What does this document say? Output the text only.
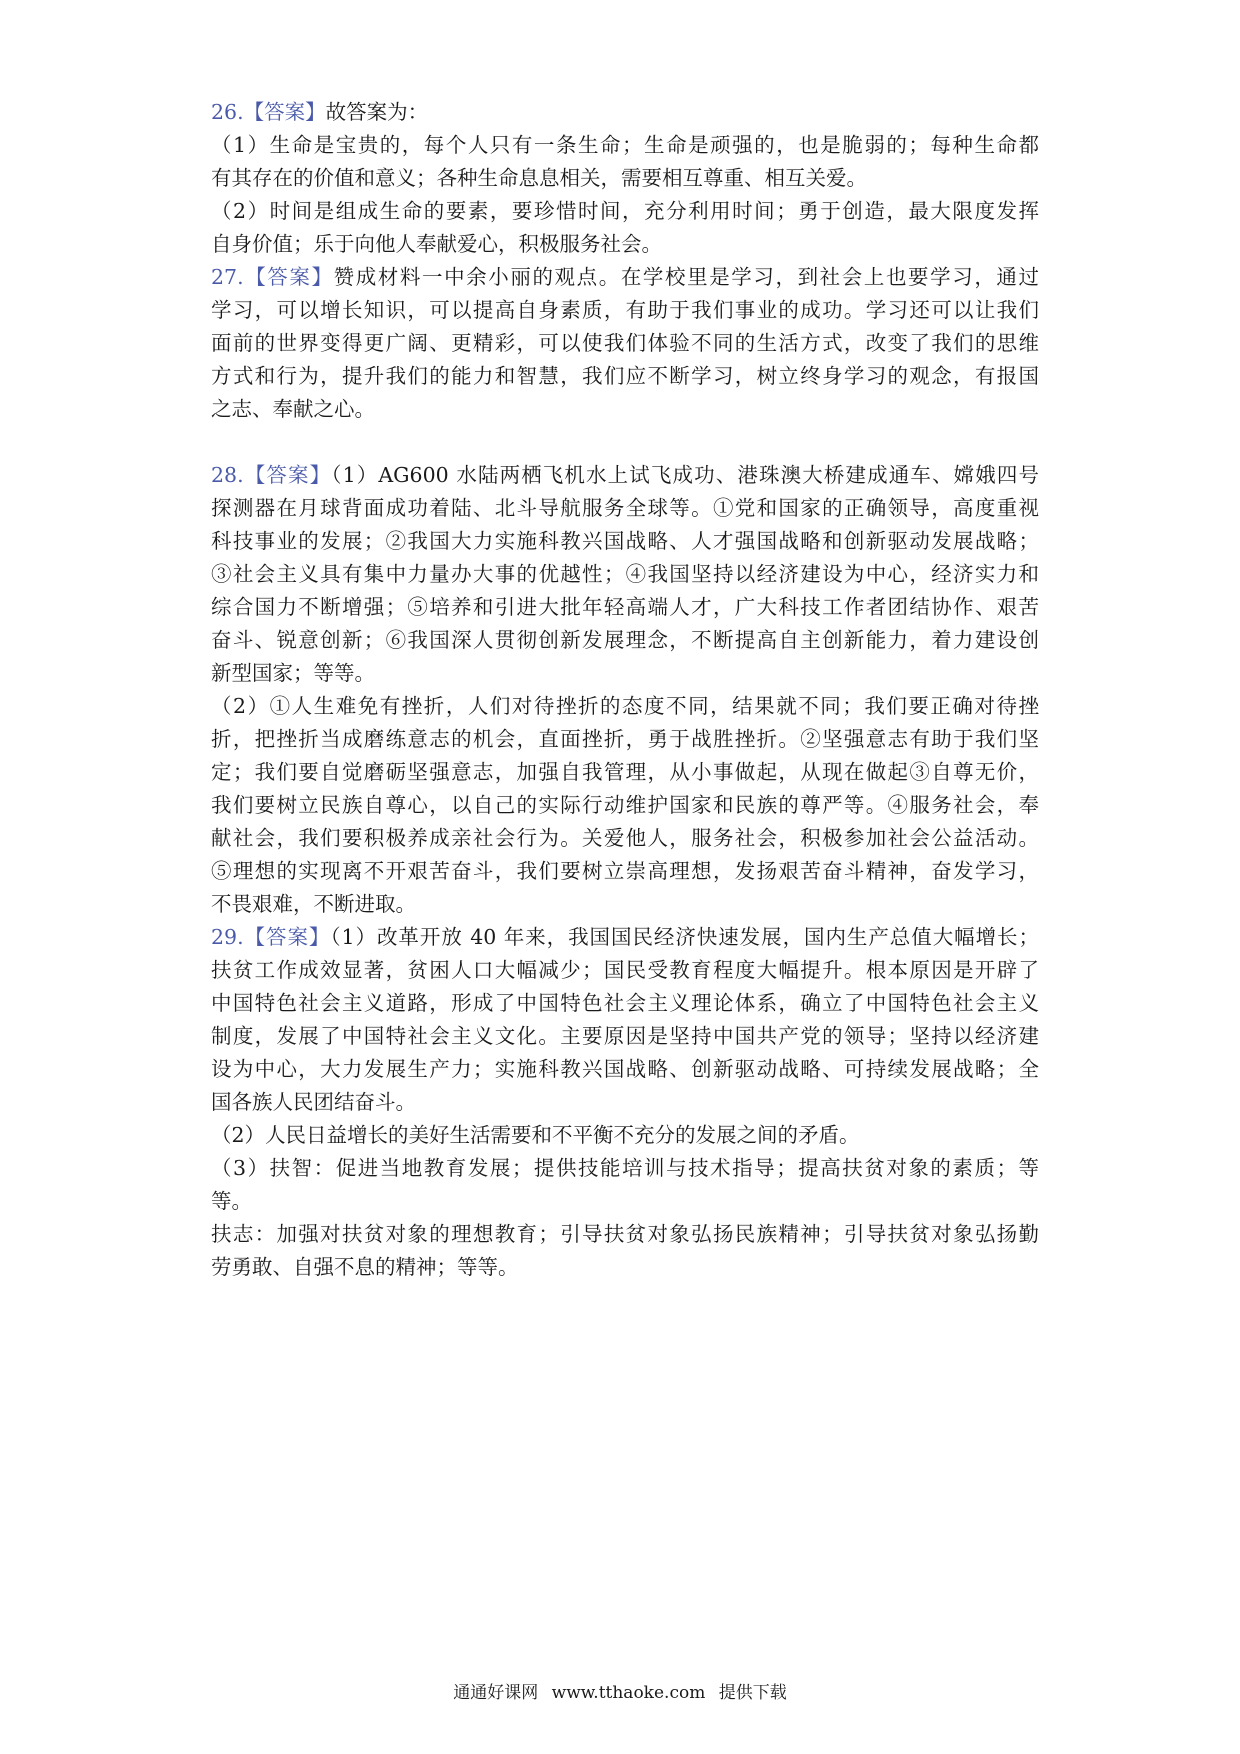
26.【答案】故答案为：
（1）生命是宝贵的，每个人只有一条生命；生命是顽强的，也是脆弱的；每种生命都
有其存在的价值和意义；各种生命息息相关，需要相互尊重、相互关爱。
（2）时间是组成生命的要素，要珍惜时间，充分利用时间；勇于创造，最大限度发挥
自身价值；乐于向他人奉献爱心，积极服务社会。
27.【答案】赞成材料一中余小丽的观点。在学校里是学习，到社会上也要学习，通过
学习，可以增长知识，可以提高自身素质，有助于我们事业的成功。学习还可以让我们
面前的世界变得更广阔、更精彩，可以使我们体验不同的生活方式，改变了我们的思维
方式和行为，提升我们的能力和智慧，我们应不断学习，树立终身学习的观念，有报国
之志、奉献之心。
28.【答案】（1）AG600 水陆两栖飞机水上试飞成功、港珠澳大桥建成通车、嫦娥四号
探测器在月球背面成功着陆、北斗导航服务全球等。①党和国家的正确领导，高度重视
科技事业的发展；②我国大力实施科教兴国战略、人才强国战略和创新驱动发展战略；
③社会主义具有集中力量办大事的优越性；④我国坚持以经济建设为中心，经济实力和
综合国力不断增强；⑤培养和引进大批年轻高端人才，广大科技工作者团结协作、艰苦
奋斗、锐意创新；⑥我国深人贯彻创新发展理念，不断提高自主创新能力，着力建设创
新型国家；等等。
（2）①人生难免有挫折，人们对待挫折的态度不同，结果就不同；我们要正确对待挫
折，把挫折当成磨练意志的机会，直面挫折，勇于战胜挫折。②坚强意志有助于我们坚
定；我们要自觉磨砺坚强意志，加强自我管理，从小事做起，从现在做起③自尊无价，
我们要树立民族自尊心，以自己的实际行动维护国家和民族的尊严等。④服务社会，奉
献社会，我们要积极养成亲社会行为。关爱他人，服务社会，积极参加社会公益活动。
⑤理想的实现离不开艰苦奋斗，我们要树立崇高理想，发扬艰苦奋斗精神，奋发学习，
不畏艰难，不断进取。
29.【答案】（1）改革开放 40 年来，我国国民经济快速发展，国内生产总值大幅增长；
扶贫工作成效显著，贫困人口大幅减少；国民受教育程度大幅提升。根本原因是开辟了
中国特色社会主义道路，形成了中国特色社会主义理论体系，确立了中国特色社会主义
制度，发展了中国特社会主义文化。主要原因是坚持中国共产党的领导；坚持以经济建
设为中心，大力发展生产力；实施科教兴国战略、创新驱动战略、可持续发展战略；全
国各族人民团结奋斗。
（2）人民日益增长的美好生活需要和不平衡不充分的发展之间的矛盾。
（3）扶智：促进当地教育发展；提供技能培训与技术指导；提高扶贫对象的素质；等
等。
扶志：加强对扶贫对象的理想教育；引导扶贫对象弘扬民族精神；引导扶贫对象弘扬勤
劳勇敢、自强不息的精神；等等。
通通好课网 www.tthaoke.com 提供下载
